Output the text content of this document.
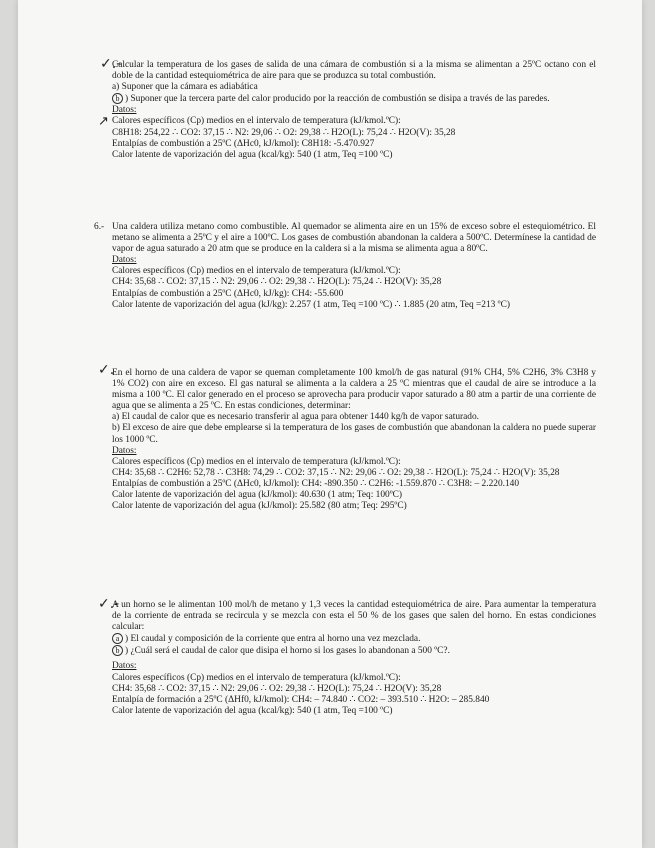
✓.-
↗

Calcular la temperatura de los gases de salida de una cámara de combustión si a la misma se alimentan a 25ºC octano con el doble de la cantidad estequiométrica de aire para que se produzca su total combustión.

a) Suponer que la cámara es adiabática

b ) Suponer que la tercera parte del calor producido por la reacción de combustión se disipa a través de las paredes.

Datos:

Calores específicos (Cp) medios en el intervalo de temperatura (kJ/kmol.ºC):

C8H18: 254,22 ∴ CO2: 37,15 ∴ N2: 29,06 ∴ O2: 29,38 ∴ H2O(L): 75,24 ∴ H2O(V): 35,28

Entalpías de combustión a 25ºC (ΔHc0, kJ/kmol): C8H18: -5.470.927

Calor latente de vaporización del agua (kcal/kg): 540 (1 atm, Teq =100 ºC)

6.- Una caldera utiliza metano como combustible. Al quemador se alimenta aire en un 15% de exceso sobre el estequiométrico. El metano se alimenta a 25ºC y el aire a 100ºC. Los gases de combustión abandonan la caldera a 500ºC. Determínese la cantidad de vapor de agua saturado a 20 atm que se produce en la caldera si a la misma se alimenta agua a 80ºC.

Datos:

Calores específicos (Cp) medios en el intervalo de temperatura (kJ/kmol.ºC):

CH4: 35,68 ∴ CO2: 37,15 ∴ N2: 29,06 ∴ O2: 29,38 ∴ H2O(L): 75,24 ∴ H2O(V): 35,28

Entalpías de combustión a 25ºC (ΔHc0, kJ/kg): CH4: -55.600

Calor latente de vaporización del agua (kJ/kg): 2.257 (1 atm, Teq =100 ºC) ∴ 1.885 (20 atm, Teq =213 ºC)

✓.

En el horno de una caldera de vapor se queman completamente 100 kmol/h de gas natural (91% CH4, 5% C2H6, 3% C3H8 y 1% CO2) con aire en exceso. El gas natural se alimenta a la caldera a 25 ºC mientras que el caudal de aire se introduce a la misma a 100 ºC. El calor generado en el proceso se aprovecha para producir vapor saturado a 80 atm a partir de una corriente de agua que se alimenta a 25 ºC. En estas condiciones, determinar:

a) El caudal de calor que es necesario transferir al agua para obtener 1440 kg/h de vapor saturado.

b) El exceso de aire que debe emplearse si la temperatura de los gases de combustión que abandonan la caldera no puede superar los 1000 ºC.

Datos:

Calores específicos (Cp) medios en el intervalo de temperatura (kJ/kmol.ºC):

CH4: 35,68 ∴ C2H6: 52,78 ∴ C3H8: 74,29 ∴ CO2: 37,15 ∴ N2: 29,06 ∴ O2: 29,38 ∴ H2O(L): 75,24 ∴ H2O(V): 35,28

Entalpías de combustión a 25ºC (ΔHc0, kJ/kmol): CH4: -890.350 ∴ C2H6: -1.559.870 ∴ C3H8: – 2.220.140

Calor latente de vaporización del agua (kJ/kmol): 40.630 (1 atm; Teq: 100ºC)

Calor latente de vaporización del agua (kJ/kmol): 25.582 (80 atm; Teq: 295ºC)

✓.-

A un horno se le alimentan 100 mol/h de metano y 1,3 veces la cantidad estequiométrica de aire. Para aumentar la temperatura de la corriente de entrada se recircula y se mezcla con esta el 50 % de los gases que salen del horno. En estas condiciones calcular:

a ) El caudal y composición de la corriente que entra al horno una vez mezclada.

b ) ¿Cuál será el caudal de calor que disipa el horno si los gases lo abandonan a 500 ºC?.

Datos:

Calores específicos (Cp) medios en el intervalo de temperatura (kJ/kmol.ºC):

CH4: 35,68 ∴ CO2: 37,15 ∴ N2: 29,06 ∴ O2: 29,38 ∴ H2O(L): 75,24 ∴ H2O(V): 35,28

Entalpía de formación a 25ºC (ΔHf0, kJ/kmol): CH4: – 74.840 ∴ CO2: – 393.510 ∴ H2O: – 285.840

Calor latente de vaporización del agua (kcal/kg): 540 (1 atm, Teq =100 ºC)
